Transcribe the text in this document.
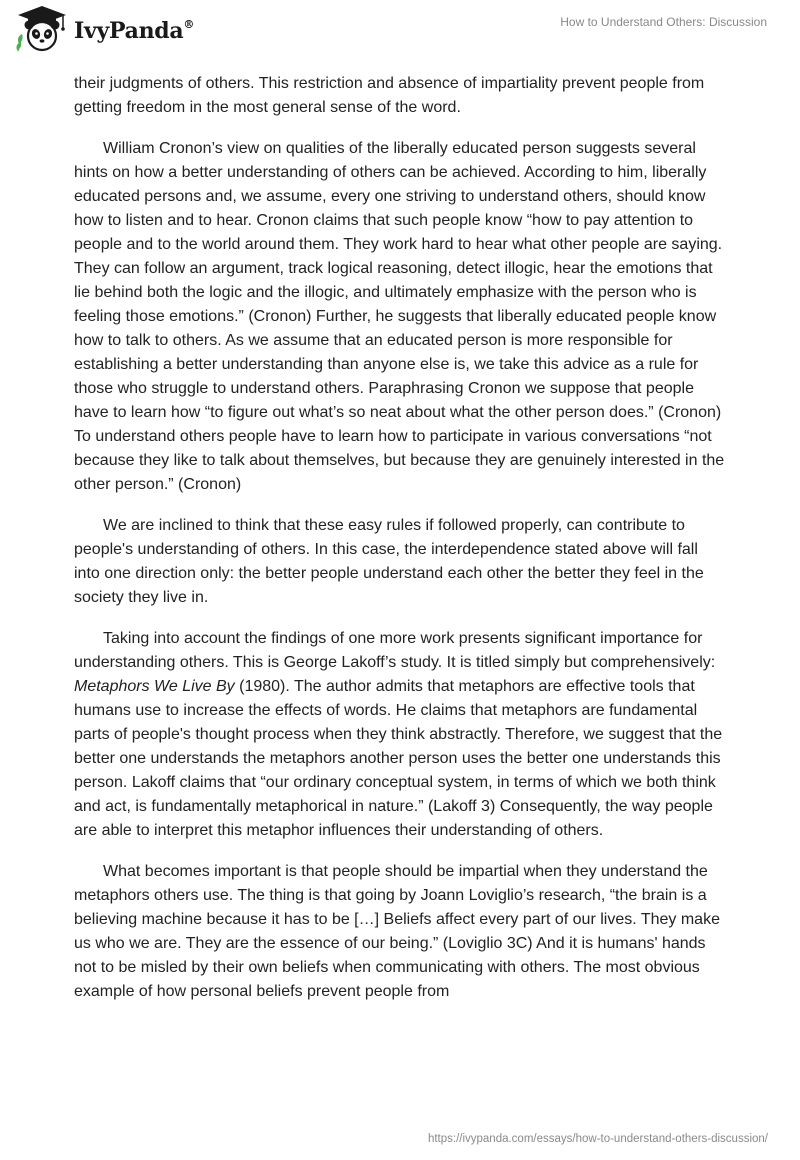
IvyPanda®	How to Understand Others: Discussion

their judgments of others. This restriction and absence of impartiality prevent people from getting freedom in the most general sense of the word.

William Cronon’s view on qualities of the liberally educated person suggests several hints on how a better understanding of others can be achieved. According to him, liberally educated persons and, we assume, every one striving to understand others, should know how to listen and to hear. Cronon claims that such people know “how to pay attention to people and to the world around them. They work hard to hear what other people are saying. They can follow an argument, track logical reasoning, detect illogic, hear the emotions that lie behind both the logic and the illogic, and ultimately emphasize with the person who is feeling those emotions.” (Cronon) Further, he suggests that liberally educated people know how to talk to others. As we assume that an educated person is more responsible for establishing a better understanding than anyone else is, we take this advice as a rule for those who struggle to understand others. Paraphrasing Cronon we suppose that people have to learn how “to figure out what’s so neat about what the other person does.” (Cronon) To understand others people have to learn how to participate in various conversations “not because they like to talk about themselves, but because they are genuinely interested in the other person.” (Cronon)

We are inclined to think that these easy rules if followed properly, can contribute to people's understanding of others. In this case, the interdependence stated above will fall into one direction only: the better people understand each other the better they feel in the society they live in.

Taking into account the findings of one more work presents significant importance for understanding others. This is George Lakoff’s study. It is titled simply but comprehensively: Metaphors We Live By (1980). The author admits that metaphors are effective tools that humans use to increase the effects of words. He claims that metaphors are fundamental parts of people's thought process when they think abstractly. Therefore, we suggest that the better one understands the metaphors another person uses the better one understands this person. Lakoff claims that “our ordinary conceptual system, in terms of which we both think and act, is fundamentally metaphorical in nature.” (Lakoff 3) Consequently, the way people are able to interpret this metaphor influences their understanding of others.

What becomes important is that people should be impartial when they understand the metaphors others use. The thing is that going by Joann Loviglio’s research, “the brain is a believing machine because it has to be […] Beliefs affect every part of our lives. They make us who we are. They are the essence of our being.” (Loviglio 3C) And it is humans' hands not to be misled by their own beliefs when communicating with others. The most obvious example of how personal beliefs prevent people from

https://ivypanda.com/essays/how-to-understand-others-discussion/
